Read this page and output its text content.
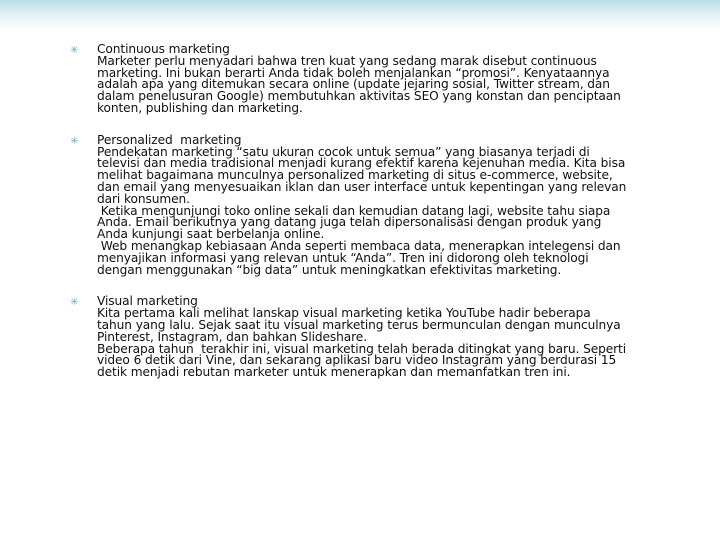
✳ Continuous marketing
Marketer perlu menyadari bahwa tren kuat yang sedang marak disebut continuous
marketing. Ini bukan berarti Anda tidak boleh menjalankan “promosi”. Kenyataannya
adalah apa yang ditemukan secara online (update jejaring sosial, Twitter stream, dan
dalam penelusuran Google) membutuhkan aktivitas SEO yang konstan dan penciptaan
konten, publishing dan marketing.
✳ Personalized  marketing
Pendekatan marketing “satu ukuran cocok untuk semua” yang biasanya terjadi di
televisi dan media tradisional menjadi kurang efektif karena kejenuhan media. Kita bisa
melihat bagaimana munculnya personalized marketing di situs e-commerce, website,
dan email yang menyesuaikan iklan dan user interface untuk kepentingan yang relevan
dari konsumen.
Ketika mengunjungi toko online sekali dan kemudian datang lagi, website tahu siapa
Anda. Email berikutnya yang datang juga telah dipersonalisasi dengan produk yang
Anda kunjungi saat berbelanja online.
Web menangkap kebiasaan Anda seperti membaca data, menerapkan intelegensi dan
menyajikan informasi yang relevan untuk “Anda”. Tren ini didorong oleh teknologi
dengan menggunakan “big data” untuk meningkatkan efektivitas marketing.
✳ Visual marketing
Kita pertama kali melihat lanskap visual marketing ketika YouTube hadir beberapa
tahun yang lalu. Sejak saat itu visual marketing terus bermunculan dengan munculnya
Pinterest, Instagram, dan bahkan Slideshare.
Beberapa tahun  terakhir ini, visual marketing telah berada ditingkat yang baru. Seperti
video 6 detik dari Vine, dan sekarang aplikasi baru video Instagram yang berdurasi 15
detik menjadi rebutan marketer untuk menerapkan dan memanfatkan tren ini.
